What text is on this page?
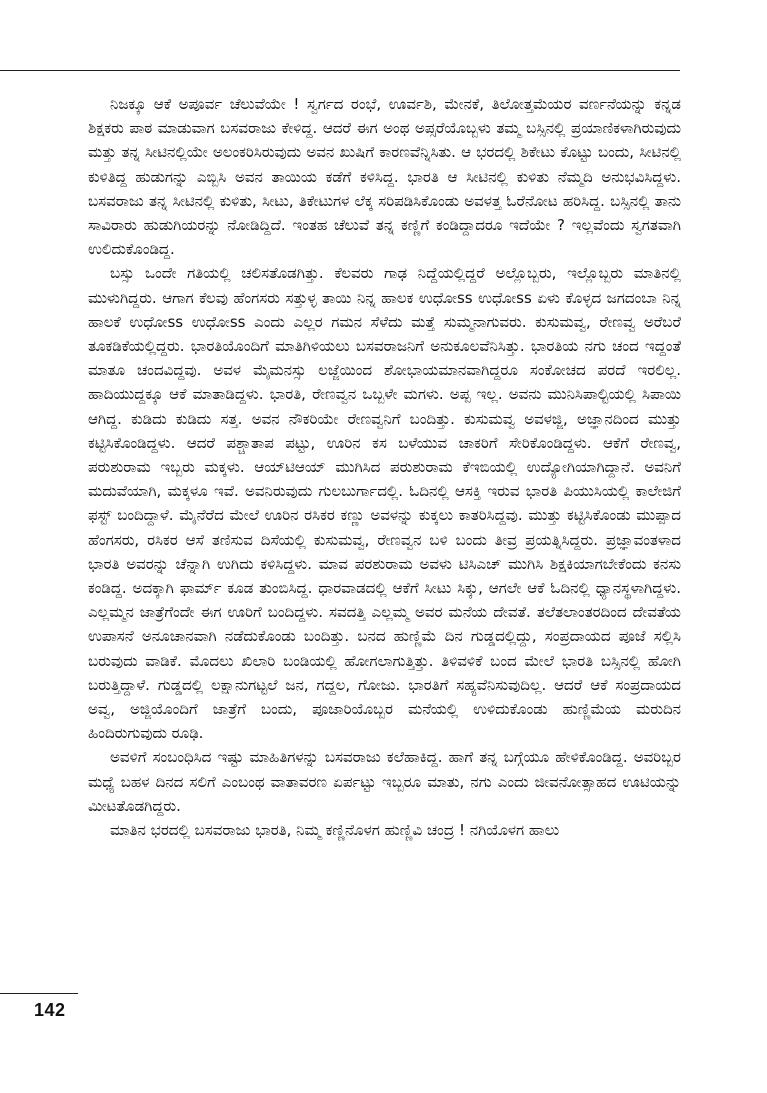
ನಿಜಕ್ಕೂ ಆಕೆ ಅಪೂರ್ವ ಚೆಲುವೆಯೇ ! ಸ್ವರ್ಗದ ರಂಭೆ, ಊರ್ವಶಿ, ಮೇನಕೆ, ತಿಲೋತ್ತಮೆಯರ ವರ್ಣನೆಯನ್ನು ಕನ್ನಡ ಶಿಕ್ಷಕರು ಪಾಠ ಮಾಡುವಾಗ ಬಸವರಾಜು ಕೇಳಿದ್ದ. ಆದರೆ ಈಗ ಅಂಥ ಅಪ್ಸರೆಯೊಬ್ಬಳು ತಮ್ಮ ಬಸ್ಸಿನಲ್ಲಿ ಪ್ರಯಾಣಿಕಳಾಗಿರುವುದು ಮತ್ತು ತನ್ನ ಸೀಟಿನಲ್ಲಿಯೇ ಅಲಂಕರಿಸಿರುವುದು ಅವನ ಖುಷಿಗೆ ಕಾರಣವೆನ್ನಿಸಿತು. ಆ ಭರದಲ್ಲಿ ಶಿಕೇಟು ಕೊಟ್ಟು ಬಂದು, ಸೀಟಿನಲ್ಲಿ ಕುಳಿತಿದ್ದ ಹುಡುಗನ್ನು ಎಬ್ಬಿಸಿ ಅವನ ತಾಯಿಯ ಕಡೆಗೆ ಕಳಿಸಿದ್ದ. ಭಾರತಿ ಆ ಸೀಟಿನಲ್ಲಿ ಕುಳಿತು ನೆಮ್ಮದಿ ಅನುಭವಿಸಿದ್ದಳು. ಬಸವರಾಜು ತನ್ನ ಸೀಟಿನಲ್ಲಿ ಕುಳಿತು, ಸೀಟು, ತಿಕೇಟುಗಳ ಲೆಕ್ಕ ಸರಿಪಡಿಸಿಕೊಂಡು ಅವಳತ್ತ ಓರೆನೋಟ ಹರಿಸಿದ್ದ. ಬಸ್ಸಿನಲ್ಲಿ ತಾನು ಸಾವಿರಾರು ಹುಡುಗಿಯರನ್ನು ನೋಡಿದ್ದಿದೆ. ಇಂತಹ ಚೆಲುವೆ ತನ್ನ ಕಣ್ಣಿಗೆ ಕಂಡಿದ್ದಾದರೂ ಇದೆಯೇ ? ಇಲ್ಲವೆಂದು ಸ್ವಗತವಾಗಿ ಉಲಿದುಕೊಂಡಿದ್ದ.

ಬಸ್ಸು ಒಂದೇ ಗತಿಯಲ್ಲಿ ಚಲಿಸತೊಡಗಿತ್ತು. ಕೆಲವರು ಗಾಢ ನಿದ್ದೆಯಲ್ಲಿದ್ದರೆ ಅಲ್ಲೊಬ್ಬರು, ಇಲ್ಲೊಬ್ಬರು ಮಾತಿನಲ್ಲಿ ಮುಳುಗಿದ್ದರು. ಆಗಾಗ ಕೆಲವು ಹೆಂಗಸರು ಸತ್ತುಳ್ಳ ತಾಯಿ ನಿನ್ನ ಹಾಲಕ ಉಧೋss ಉಧೋss ಏಳು ಕೊಳ್ಳದ ಜಗದಂಬಾ ನಿನ್ನ ಹಾಲಕೆ ಉಧೋss ಉಧೋss ಎಂದು ಎಲ್ಲರ ಗಮನ ಸೆಳೆದು ಮತ್ತೆ ಸುಮ್ಮನಾಗುವರು. ಕುಸುಮವ್ವ, ರೇಣವ್ವ ಅರೆಬರೆ ತೂಕಡಿಕೆಯಲ್ಲಿದ್ದರು. ಭಾರತಿಯೊಂದಿಗೆ ಮಾತಿಗಿಳಿಯಲು ಬಸವರಾಜನಿಗೆ ಅನುಕೂಲವೆನಿಸಿತ್ತು. ಭಾರತಿಯ ನಗು ಚಂದ ಇದ್ದಂತೆ ಮಾತೂ ಚಂದವಿದ್ದವು. ಅವಳ ಮೈಮನಸ್ಸು ಲಜ್ಜೆಯಿಂದ ಶೋಭಾಯಮಾನವಾಗಿದ್ದರೂ ಸಂಕೋಚದ ಪರದೆ ಇರಲಿಲ್ಲ. ಹಾದಿಯುದ್ದಕ್ಕೂ ಆಕೆ ಮಾತಾಡಿದ್ದಳು. ಭಾರತಿ, ರೇಣವ್ವನ ಒಬ್ಬಳೇ ಮಗಳು. ಅಪ್ಪ ಇಲ್ಲ. ಅವನು ಮುನಿಸಿಪಾಲ್ಟಿಯಲ್ಲಿ ಸಿಪಾಯಿ ಆಗಿದ್ದ. ಕುಡಿದು ಕುಡಿದು ಸತ್ತ. ಅವನ ನೌಕರಿಯೇ ರೇಣವ್ವನಿಗೆ ಬಂದಿತ್ತು. ಕುಸುಮವ್ವ ಅವಳಜ್ಜಿ, ಅಜ್ಞಾನದಿಂದ ಮುತ್ತು ಕಟ್ಟಿಸಿಕೊಂಡಿದ್ದಳು. ಆದರೆ ಪಶ್ಚಾತಾಪ ಪಟ್ಟು, ಊರಿನ ಕಸ ಬಳೆಯುವ ಚಾಕರಿಗೆ ಸೇರಿಕೊಂಡಿದ್ದಳು. ಆಕೆಗೆ ರೇಣವ್ವ, ಪರುಶುರಾಮ ಇಬ್ಬರು ಮಕ್ಕಳು. ಆಯ್‌ಟಿಆಯ್ ಮುಗಿಸಿದ ಪರುಶುರಾಮ ಕೆಇಬಿಯಲ್ಲಿ ಉದ್ಯೋಗಿಯಾಗಿದ್ದಾನೆ. ಅವನಿಗೆ ಮದುವೆಯಾಗಿ, ಮಕ್ಕಳೂ ಇವೆ. ಅವನಿರುವುದು ಗುಲಬುರ್ಗಾದಲ್ಲಿ. ಓದಿನಲ್ಲಿ ಆಸಕ್ತಿ ಇರುವ ಭಾರತಿ ಪಿಯುಸಿಯಲ್ಲಿ ಕಾಲೇಜಿಗೆ ಫಸ್ಟ್ ಬಂದಿದ್ದಾಳೆ. ಮೈನೆರೆದ ಮೇಲೆ ಊರಿನ ರಸಿಕರ ಕಣ್ಣು ಅವಳನ್ನು ಕುಕ್ಕಲು ಕಾತರಿಸಿದ್ದವು. ಮುತ್ತು ಕಟ್ಟಿಸಿಕೊಂಡು ಮುಪ್ಪಾದ ಹೆಂಗಸರು, ರಸಿಕರ ಆಸೆ ತಣಿಸುವ ದಿಸೆಯಲ್ಲಿ ಕುಸುಮವ್ವ, ರೇಣವ್ವನ ಬಳಿ ಬಂದು ತೀವ್ರ ಪ್ರಯತ್ನಿಸಿದ್ದರು. ಪ್ರಜ್ಞಾವಂತಳಾದ ಭಾರತಿ ಅವರನ್ನು ಚೆನ್ನಾಗಿ ಉಗಿದು ಕಳಿಸಿದ್ದಳು. ಮಾವ ಪರಶುರಾಮ ಅವಳು ಟಿಸಿಎಚ್ ಮುಗಿಸಿ ಶಿಕ್ಷಕಿಯಾಗಬೇಕೆಂದು ಕನಸು ಕಂಡಿದ್ದ. ಅದಕ್ಕಾಗಿ ಫಾರ್ಮ್ ಕೂಡ ತುಂಬಿಸಿದ್ದ. ಧಾರವಾಡದಲ್ಲಿ ಆಕೆಗೆ ಸೀಟು ಸಿಕ್ಕು, ಆಗಲೇ ಆಕೆ ಓದಿನಲ್ಲಿ ಧ್ಯಾನಸ್ಥಳಾಗಿದ್ದಳು. ಎಲ್ಲಮ್ಮನ ಜಾತ್ರೆಗೆಂದೇ ಈಗ ಊರಿಗೆ ಬಂದಿದ್ದಳು. ಸವದತ್ತಿ ಎಲ್ಲಮ್ಮ ಅವರ ಮನೆಯ ದೇವತೆ. ತಲೆತಲಾಂತರದಿಂದ ದೇವತೆಯ ಉಪಾಸನೆ ಅನೂಚಾನವಾಗಿ ನಡೆದುಕೊಂಡು ಬಂದಿತ್ತು. ಬನದ ಹುಣ್ಣಿಮೆ ದಿನ ಗುಡ್ಡದಲ್ಲಿದ್ದು, ಸಂಪ್ರದಾಯದ ಪೂಜೆ ಸಲ್ಲಿಸಿ ಬರುವುದು ವಾಡಿಕೆ. ಮೊದಲು ಖಿಲಾರಿ ಬಂಡಿಯಲ್ಲಿ ಹೋಗಲಾಗುತ್ತಿತ್ತು. ತಿಳಿವಳಿಕೆ ಬಂದ ಮೇಲೆ ಭಾರತಿ ಬಸ್ಸಿನಲ್ಲಿ ಹೋಗಿ ಬರುತ್ತಿದ್ದಾಳೆ. ಗುಡ್ಡದಲ್ಲಿ ಲಕ್ಷಾನುಗಟ್ಟಲೆ ಜನ, ಗದ್ದಲ, ಗೋಜು. ಭಾರತಿಗೆ ಸಹ್ಯವೆನಿಸುವುದಿಲ್ಲ. ಆದರೆ ಆಕೆ ಸಂಪ್ರದಾಯದ ಅವ್ವ, ಅಜ್ಜಿಯೊಂದಿಗೆ ಜಾತ್ರೆಗೆ ಬಂದು, ಪೂಜಾರಿಯೊಬ್ಬರ ಮನೆಯಲ್ಲಿ ಉಳಿದುಕೊಂಡು ಹುಣ್ಣಿಮೆಯ ಮರುದಿನ ಹಿಂದಿರುಗುವುದು ರೂಢಿ.

ಅವಳಿಗೆ ಸಂಬಂಧಿಸಿದ ಇಷ್ಟು ಮಾಹಿತಿಗಳನ್ನು ಬಸವರಾಜು ಕಲೆಹಾಕಿದ್ದ. ಹಾಗೆ ತನ್ನ ಬಗ್ಗೆಯೂ ಹೇಳಿಕೊಂಡಿದ್ದ. ಅವರಿಬ್ಬರ ಮಧ್ಯೆ ಬಹಳ ದಿನದ ಸಲಿಗೆ ಎಂಬಂಥ ವಾತಾವರಣ ಏರ್ಪಟ್ಟು ಇಬ್ಬರೂ ಮಾತು, ನಗು ಎಂದು ಜೀವನೋತ್ಸಾಹದ ಊಟಿಯನ್ನು ಮೀಟತೊಡಗಿದ್ದರು.

ಮಾತಿನ ಭರದಲ್ಲಿ ಬಸವರಾಜು ಭಾರತಿ, ನಿಮ್ಮ ಕಣ್ಣಿನೊಳಗ ಹುಣ್ಣಿವಿ ಚಂದ್ರ ! ನಗಿಯೊಳಗ ಹಾಲು

142
